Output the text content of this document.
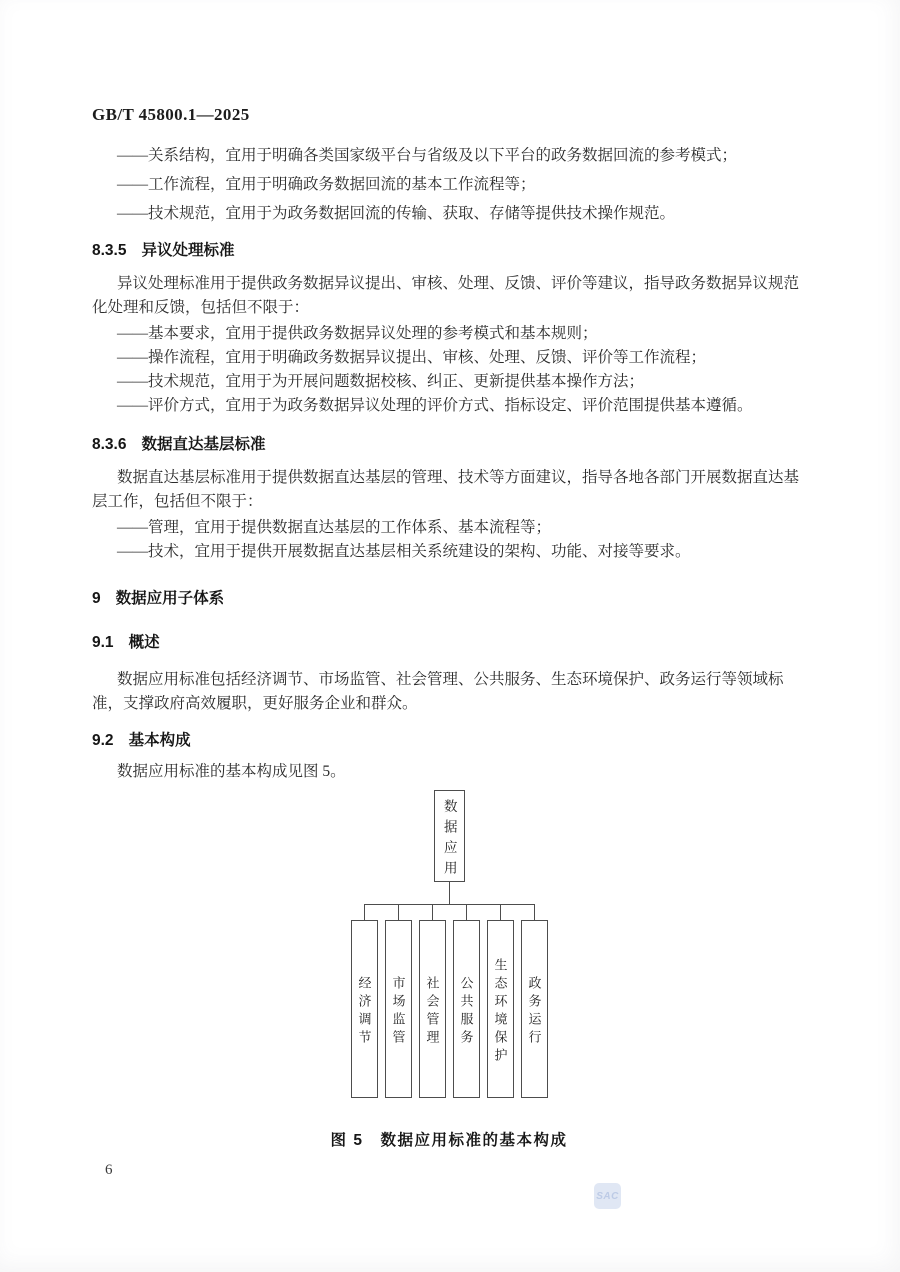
GB/T 45800.1—2025

——关系结构，宜用于明确各类国家级平台与省级及以下平台的政务数据回流的参考模式；

——工作流程，宜用于明确政务数据回流的基本工作流程等；

——技术规范，宜用于为政务数据回流的传输、获取、存储等提供技术操作规范。

8.3.5 异议处理标准

异议处理标准用于提供政务数据异议提出、审核、处理、反馈、评价等建议，指导政务数据异议规范化处理和反馈，包括但不限于：

——基本要求，宜用于提供政务数据异议处理的参考模式和基本规则；

——操作流程，宜用于明确政务数据异议提出、审核、处理、反馈、评价等工作流程；

——技术规范，宜用于为开展问题数据校核、纠正、更新提供基本操作方法；

——评价方式，宜用于为政务数据异议处理的评价方式、指标设定、评价范围提供基本遵循。

8.3.6 数据直达基层标准

数据直达基层标准用于提供数据直达基层的管理、技术等方面建议，指导各地各部门开展数据直达基层工作，包括但不限于：

——管理，宜用于提供数据直达基层的工作体系、基本流程等；

——技术，宜用于提供开展数据直达基层相关系统建设的架构、功能、对接等要求。

9 数据应用子体系
9.1 概述

数据应用标准包括经济调节、市场监管、社会管理、公共服务、生态环境保护、政务运行等领域标准，支撑政府高效履职，更好服务企业和群众。

9.2 基本构成

数据应用标准的基本构成见图 5。

数据应用
经济调节 市场监管 社会管理 公共服务 生态环境保护 政务运行
图 5　数据应用标准的基本构成
6
SAC
